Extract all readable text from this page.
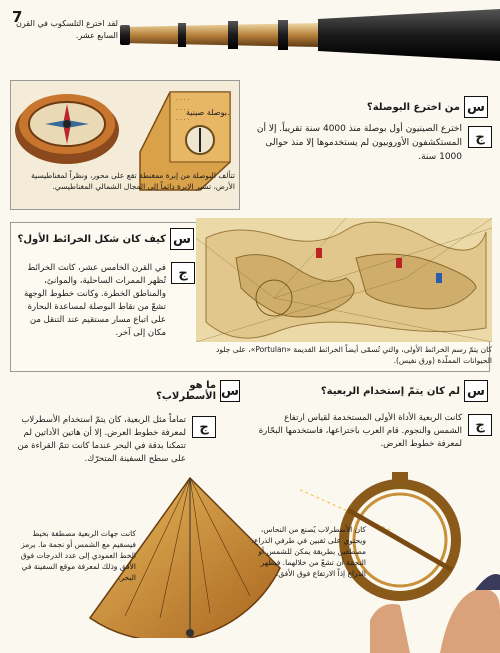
7
لقد اخترع التلسكوب في القرن السابع عشر.
· · · ·
· · · ·
· · · ·
بوصلة صينية.
تتألف البوصلة من إبرة ممغنطة تقع على محور، ونظراً لمغناطيسية الأرض، تشير الإبرة دائماً إلى المجال الشمالي المغناطيسي.
س
من اخترع البوصلة؟
ج
اخترع الصينيون أول بوصلة منذ 4000 سنة تقريباً. إلا أن المستكشفون الأوروبيون لم يستخدموها إلا منذ حوالى 1000 سنة.
س
كيف كان شكل الخرائط الأول؟
ج
في القرن الخامس عشر، كانت الخرائط تُظهر الممرات الساحلية، والموانئ، والمناطق الخطرة. وكانت خطوط الوجهة تشعّ من نقاط البوصلة لمساعدة البحارة على اتباع مسار مستقيم عند التنقل من مكان إلى آخر.
كان يتمّ رسم الخرائط الأولى، والتي تُسمّى أيضاً الخرائط القديمة «Portulan»، على جلود الحيوانات المملّدة (ورق نفيس).
س
ما هو الأسطرلاب؟
ج
تماماً مثل الربعية، كان يتمّ استخدام الأسطرلاب لمعرفة خطوط العرض. إلا أن هاتين الأداتين لم تتمكنا بدقة في البحر عندما كانت تتمّ القراءة من على سطح السفينة المتحرّك.
كانت جهات الربعية مصطفة بخيط فيسقيم مع الشمس أو نجمة ما. يرمز الخط العمودي إلى عدد الدرجات فوق الأفق وذلك لمعرفة موقع السفينة في البحر.
س
لم كان يتمّ إستخدام الربعية؟
ج
كانت الربعية الأداة الأولى المستخدمة لقياس ارتفاع الشمس والنجوم. قام العرب باختراعها، فاستخدمها البحّارة لمعرفة خطوط العرض.
كان الأسطرلاب يُصنع من النحاس، ويحتوي على ثقبين في طرفي الذراع، مصطفين بطريقة يمكن للشمس أو النجمة أن تشعّ من خلالهما. فيظهر الذراع إذاً الارتفاع فوق الأفق.
